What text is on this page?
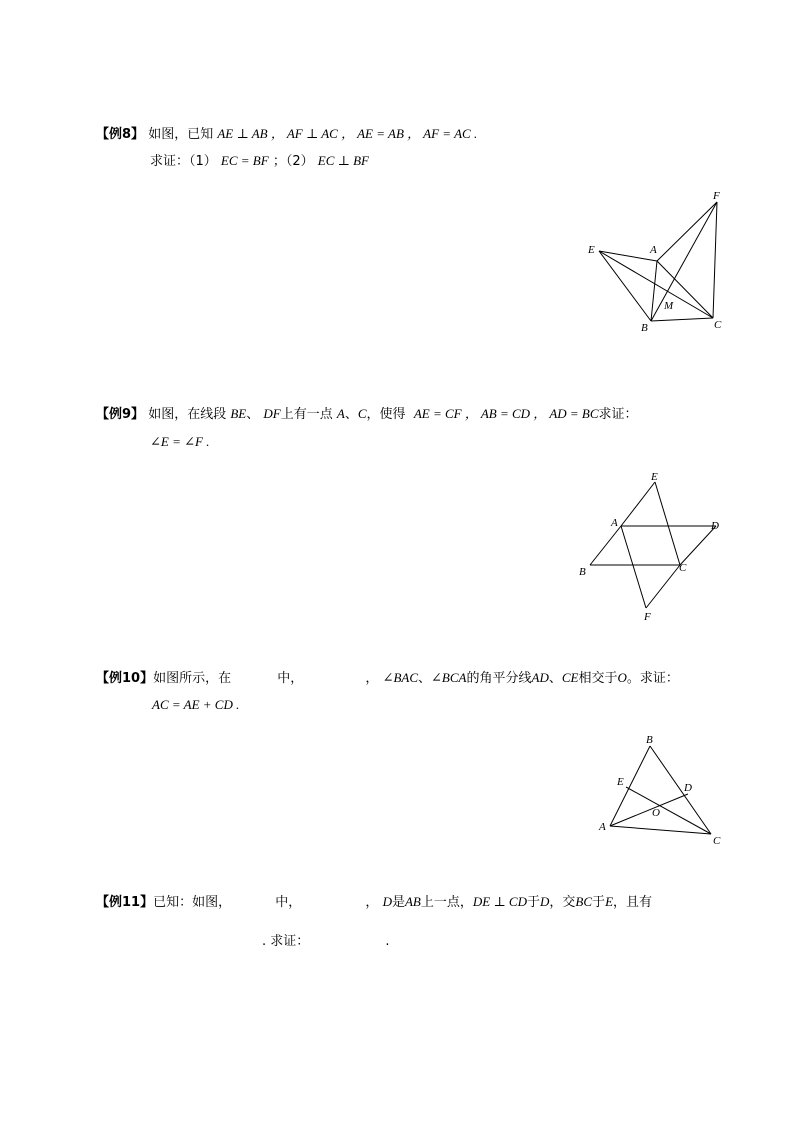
【例8】 如图，已知 AE ⊥ AB ， AF ⊥ AC ， AE = AB ， AF = AC .
求证：（1） EC = BF ；（2） EC ⊥ BF
F
E	A
M
B	C
【例9】 如图，在线段 BE、 DF上有一点 A、C，使得 AE = CF ， AB = CD ， AD = BC求证：
∠E = ∠F .
E
A	D
B	C
F
【例10】如图所示，在	中，	， ∠BAC、∠BCA的角平分线AD、CE相交于O。求证：
AC = AE + CD .
B
E	D
O
A
C
【例11】已知：如图，	中，	， D是AB上一点，DE ⊥ CD于D，交BC于E，且有
. 求证：	.
